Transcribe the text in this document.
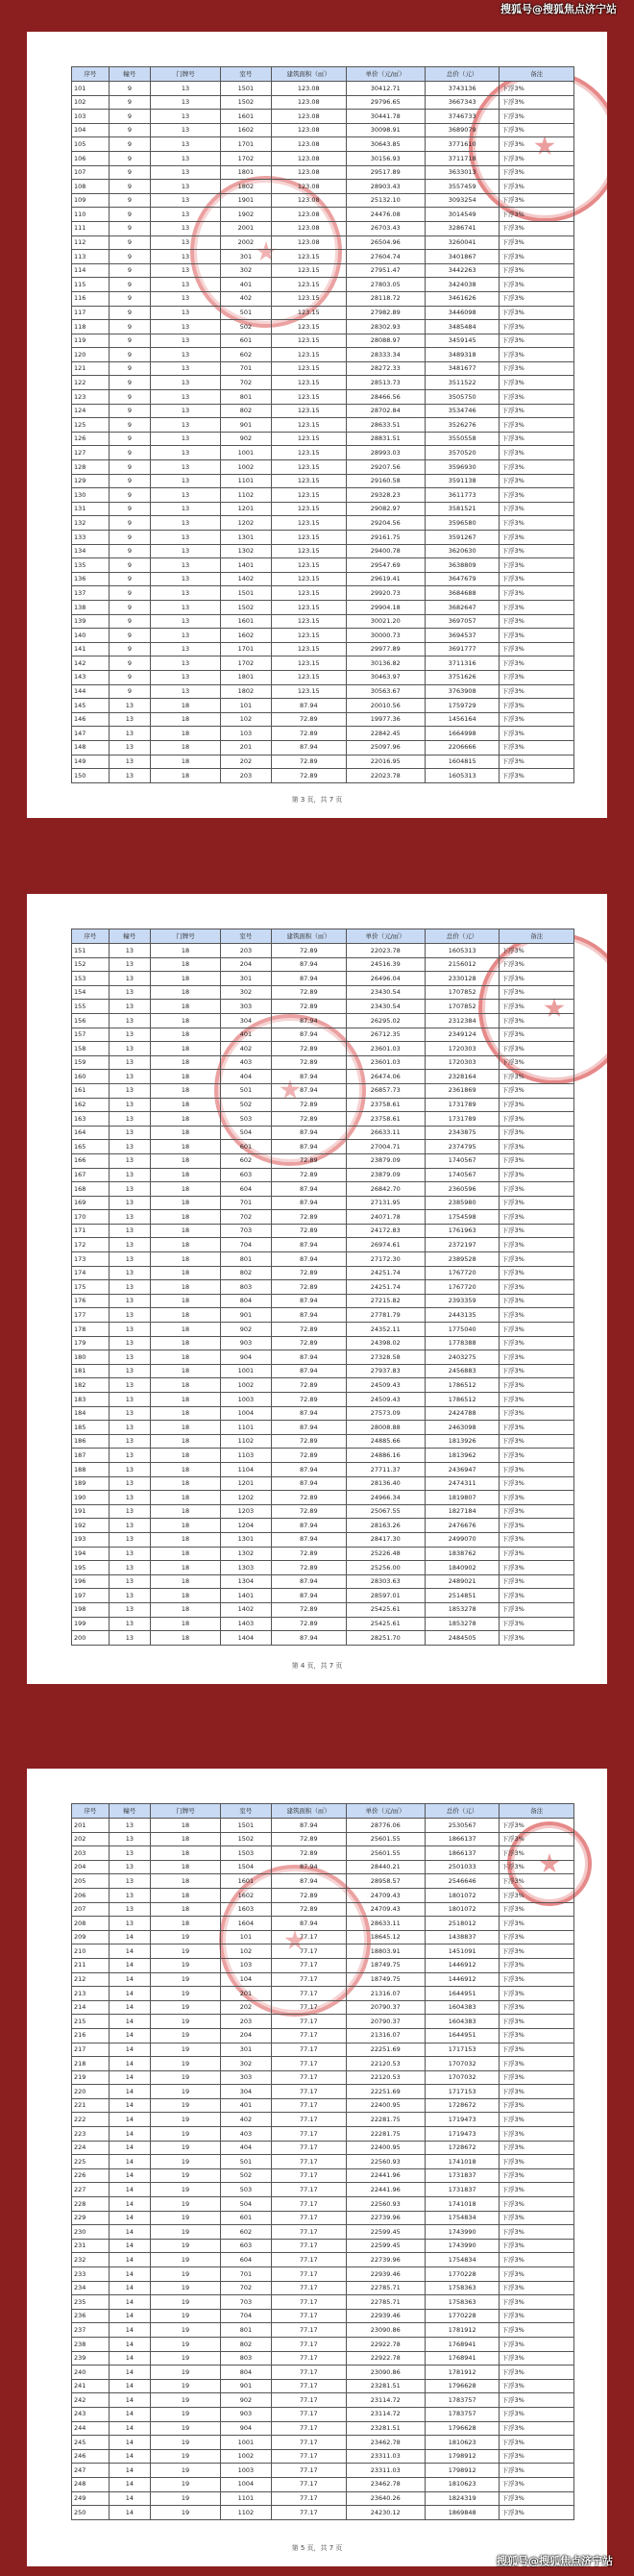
搜狐号@搜狐焦点济宁站
序号	幢号	门牌号	室号	建筑面积（㎡）	单价（元/㎡）	总价（元）	备注
101	9	13	1501	123.08	30412.71	3743136	下浮3%
102	9	13	1502	123.08	29796.65	3667343	下浮3%
103	9	13	1601	123.08	30441.78	3746733	下浮3%
104	9	13	1602	123.08	30098.91	3689079	下浮3%
105	9	13	1701	123.08	30643.85	3771610	下浮3%
106	9	13	1702	123.08	30156.93	3711718	下浮3%
107	9	13	1801	123.08	29517.89	3633013	下浮3%
108	9	13	1802	123.08	28903.43	3557459	下浮3%
109	9	13	1901	123.08	25132.10	3093254	下浮3%
110	9	13	1902	123.08	24476.08	3014549	下浮3%
111	9	13	2001	123.08	26703.43	3286741	下浮3%
112	9	13	2002	123.08	26504.96	3260041	下浮3%
113	9	13	301	123.15	27604.74	3401867	下浮3%
114	9	13	302	123.15	27951.47	3442263	下浮3%
115	9	13	401	123.15	27803.05	3424038	下浮3%
116	9	13	402	123.15	28118.72	3461626	下浮3%
117	9	13	501	123.15	27982.89	3446098	下浮3%
118	9	13	502	123.15	28302.93	3485484	下浮3%
119	9	13	601	123.15	28088.97	3459145	下浮3%
120	9	13	602	123.15	28333.34	3489318	下浮3%
121	9	13	701	123.15	28272.33	3481677	下浮3%
122	9	13	702	123.15	28513.73	3511522	下浮3%
123	9	13	801	123.15	28466.56	3505750	下浮3%
124	9	13	802	123.15	28702.84	3534746	下浮3%
125	9	13	901	123.15	28633.51	3526276	下浮3%
126	9	13	902	123.15	28831.51	3550558	下浮3%
127	9	13	1001	123.15	28993.03	3570520	下浮3%
128	9	13	1002	123.15	29207.56	3596930	下浮3%
129	9	13	1101	123.15	29160.58	3591138	下浮3%
130	9	13	1102	123.15	29328.23	3611773	下浮3%
131	9	13	1201	123.15	29082.97	3581521	下浮3%
132	9	13	1202	123.15	29204.56	3596580	下浮3%
133	9	13	1301	123.15	29161.75	3591267	下浮3%
134	9	13	1302	123.15	29400.78	3620630	下浮3%
135	9	13	1401	123.15	29547.69	3638809	下浮3%
136	9	13	1402	123.15	29619.41	3647679	下浮3%
137	9	13	1501	123.15	29920.73	3684688	下浮3%
138	9	13	1502	123.15	29904.18	3682647	下浮3%
139	9	13	1601	123.15	30021.20	3697057	下浮3%
140	9	13	1602	123.15	30000.73	3694537	下浮3%
141	9	13	1701	123.15	29977.89	3691777	下浮3%
142	9	13	1702	123.15	30136.82	3711316	下浮3%
143	9	13	1801	123.15	30463.97	3751626	下浮3%
144	9	13	1802	123.15	30563.67	3763908	下浮3%
145	13	18	101	87.94	20010.56	1759729	下浮3%
146	13	18	102	72.89	19977.36	1456164	下浮3%
147	13	18	103	72.89	22842.45	1664998	下浮3%
148	13	18	201	87.94	25097.96	2206666	下浮3%
149	13	18	202	72.89	22016.95	1604815	下浮3%
150	13	18	203	72.89	22023.78	1605313	下浮3%
第 3 页，共 7 页
序号	幢号	门牌号	室号	建筑面积（㎡）	单价（元/㎡）	总价（元）	备注
151	13	18	203	72.89	22023.78	1605313	下浮3%
152	13	18	204	87.94	24516.39	2156012	下浮3%
153	13	18	301	87.94	26496.04	2330128	下浮3%
154	13	18	302	72.89	23430.54	1707852	下浮3%
155	13	18	303	72.89	23430.54	1707852	下浮3%
156	13	18	304	87.94	26295.02	2312384	下浮3%
157	13	18	401	87.94	26712.35	2349124	下浮3%
158	13	18	402	72.89	23601.03	1720303	下浮3%
159	13	18	403	72.89	23601.03	1720303	下浮3%
160	13	18	404	87.94	26474.06	2328164	下浮3%
161	13	18	501	87.94	26857.73	2361869	下浮3%
162	13	18	502	72.89	23758.61	1731789	下浮3%
163	13	18	503	72.89	23758.61	1731789	下浮3%
164	13	18	504	87.94	26633.11	2343875	下浮3%
165	13	18	601	87.94	27004.71	2374795	下浮3%
166	13	18	602	72.89	23879.09	1740567	下浮3%
167	13	18	603	72.89	23879.09	1740567	下浮3%
168	13	18	604	87.94	26842.70	2360596	下浮3%
169	13	18	701	87.94	27131.95	2385980	下浮3%
170	13	18	702	72.89	24071.78	1754598	下浮3%
171	13	18	703	72.89	24172.83	1761963	下浮3%
172	13	18	704	87.94	26974.61	2372197	下浮3%
173	13	18	801	87.94	27172.30	2389528	下浮3%
174	13	18	802	72.89	24251.74	1767720	下浮3%
175	13	18	803	72.89	24251.74	1767720	下浮3%
176	13	18	804	87.94	27215.82	2393359	下浮3%
177	13	18	901	87.94	27781.79	2443135	下浮3%
178	13	18	902	72.89	24352.11	1775040	下浮3%
179	13	18	903	72.89	24398.02	1778388	下浮3%
180	13	18	904	87.94	27328.58	2403275	下浮3%
181	13	18	1001	87.94	27937.83	2456883	下浮3%
182	13	18	1002	72.89	24509.43	1786512	下浮3%
183	13	18	1003	72.89	24509.43	1786512	下浮3%
184	13	18	1004	87.94	27573.09	2424788	下浮3%
185	13	18	1101	87.94	28008.88	2463098	下浮3%
186	13	18	1102	72.89	24885.66	1813926	下浮3%
187	13	18	1103	72.89	24886.16	1813962	下浮3%
188	13	18	1104	87.94	27711.37	2436947	下浮3%
189	13	18	1201	87.94	28136.40	2474311	下浮3%
190	13	18	1202	72.89	24966.34	1819807	下浮3%
191	13	18	1203	72.89	25067.55	1827184	下浮3%
192	13	18	1204	87.94	28163.26	2476676	下浮3%
193	13	18	1301	87.94	28417.30	2499070	下浮3%
194	13	18	1302	72.89	25226.48	1838762	下浮3%
195	13	18	1303	72.89	25256.00	1840902	下浮3%
196	13	18	1304	87.94	28303.63	2489021	下浮3%
197	13	18	1401	87.94	28597.01	2514851	下浮3%
198	13	18	1402	72.89	25425.61	1853278	下浮3%
199	13	18	1403	72.89	25425.61	1853278	下浮3%
200	13	18	1404	87.94	28251.70	2484505	下浮3%
第 4 页，共 7 页
序号	幢号	门牌号	室号	建筑面积（㎡）	单价（元/㎡）	总价（元）	备注
201	13	18	1501	87.94	28776.06	2530567	下浮3%
202	13	18	1502	72.89	25601.55	1866137	下浮3%
203	13	18	1503	72.89	25601.55	1866137	下浮3%
204	13	18	1504	87.94	28440.21	2501033	下浮3%
205	13	18	1601	87.94	28958.57	2546646	下浮3%
206	13	18	1602	72.89	24709.43	1801072	下浮3%
207	13	18	1603	72.89	24709.43	1801072	下浮3%
208	13	18	1604	87.94	28633.11	2518012	下浮3%
209	14	19	101	77.17	18645.12	1438837	下浮3%
210	14	19	102	77.17	18803.91	1451091	下浮3%
211	14	19	103	77.17	18749.75	1446912	下浮3%
212	14	19	104	77.17	18749.75	1446912	下浮3%
213	14	19	201	77.17	21316.07	1644951	下浮3%
214	14	19	202	77.17	20790.37	1604383	下浮3%
215	14	19	203	77.17	20790.37	1604383	下浮3%
216	14	19	204	77.17	21316.07	1644951	下浮3%
217	14	19	301	77.17	22251.69	1717153	下浮3%
218	14	19	302	77.17	22120.53	1707032	下浮3%
219	14	19	303	77.17	22120.53	1707032	下浮3%
220	14	19	304	77.17	22251.69	1717153	下浮3%
221	14	19	401	77.17	22400.95	1728672	下浮3%
222	14	19	402	77.17	22281.75	1719473	下浮3%
223	14	19	403	77.17	22281.75	1719473	下浮3%
224	14	19	404	77.17	22400.95	1728672	下浮3%
225	14	19	501	77.17	22560.93	1741018	下浮3%
226	14	19	502	77.17	22441.96	1731837	下浮3%
227	14	19	503	77.17	22441.96	1731837	下浮3%
228	14	19	504	77.17	22560.93	1741018	下浮3%
229	14	19	601	77.17	22739.96	1754834	下浮3%
230	14	19	602	77.17	22599.45	1743990	下浮3%
231	14	19	603	77.17	22599.45	1743990	下浮3%
232	14	19	604	77.17	22739.96	1754834	下浮3%
233	14	19	701	77.17	22939.46	1770228	下浮3%
234	14	19	702	77.17	22785.71	1758363	下浮3%
235	14	19	703	77.17	22785.71	1758363	下浮3%
236	14	19	704	77.17	22939.46	1770228	下浮3%
237	14	19	801	77.17	23090.86	1781912	下浮3%
238	14	19	802	77.17	22922.78	1768941	下浮3%
239	14	19	803	77.17	22922.78	1768941	下浮3%
240	14	19	804	77.17	23090.86	1781912	下浮3%
241	14	19	901	77.17	23281.51	1796628	下浮3%
242	14	19	902	77.17	23114.72	1783757	下浮3%
243	14	19	903	77.17	23114.72	1783757	下浮3%
244	14	19	904	77.17	23281.51	1796628	下浮3%
245	14	19	1001	77.17	23462.78	1810623	下浮3%
246	14	19	1002	77.17	23311.03	1798912	下浮3%
247	14	19	1003	77.17	23311.03	1798912	下浮3%
248	14	19	1004	77.17	23462.78	1810623	下浮3%
249	14	19	1101	77.17	23640.26	1824319	下浮3%
250	14	19	1102	77.17	24230.12	1869848	下浮3%
第 5 页，共 7 页
搜狐号@搜狐焦点济宁站
